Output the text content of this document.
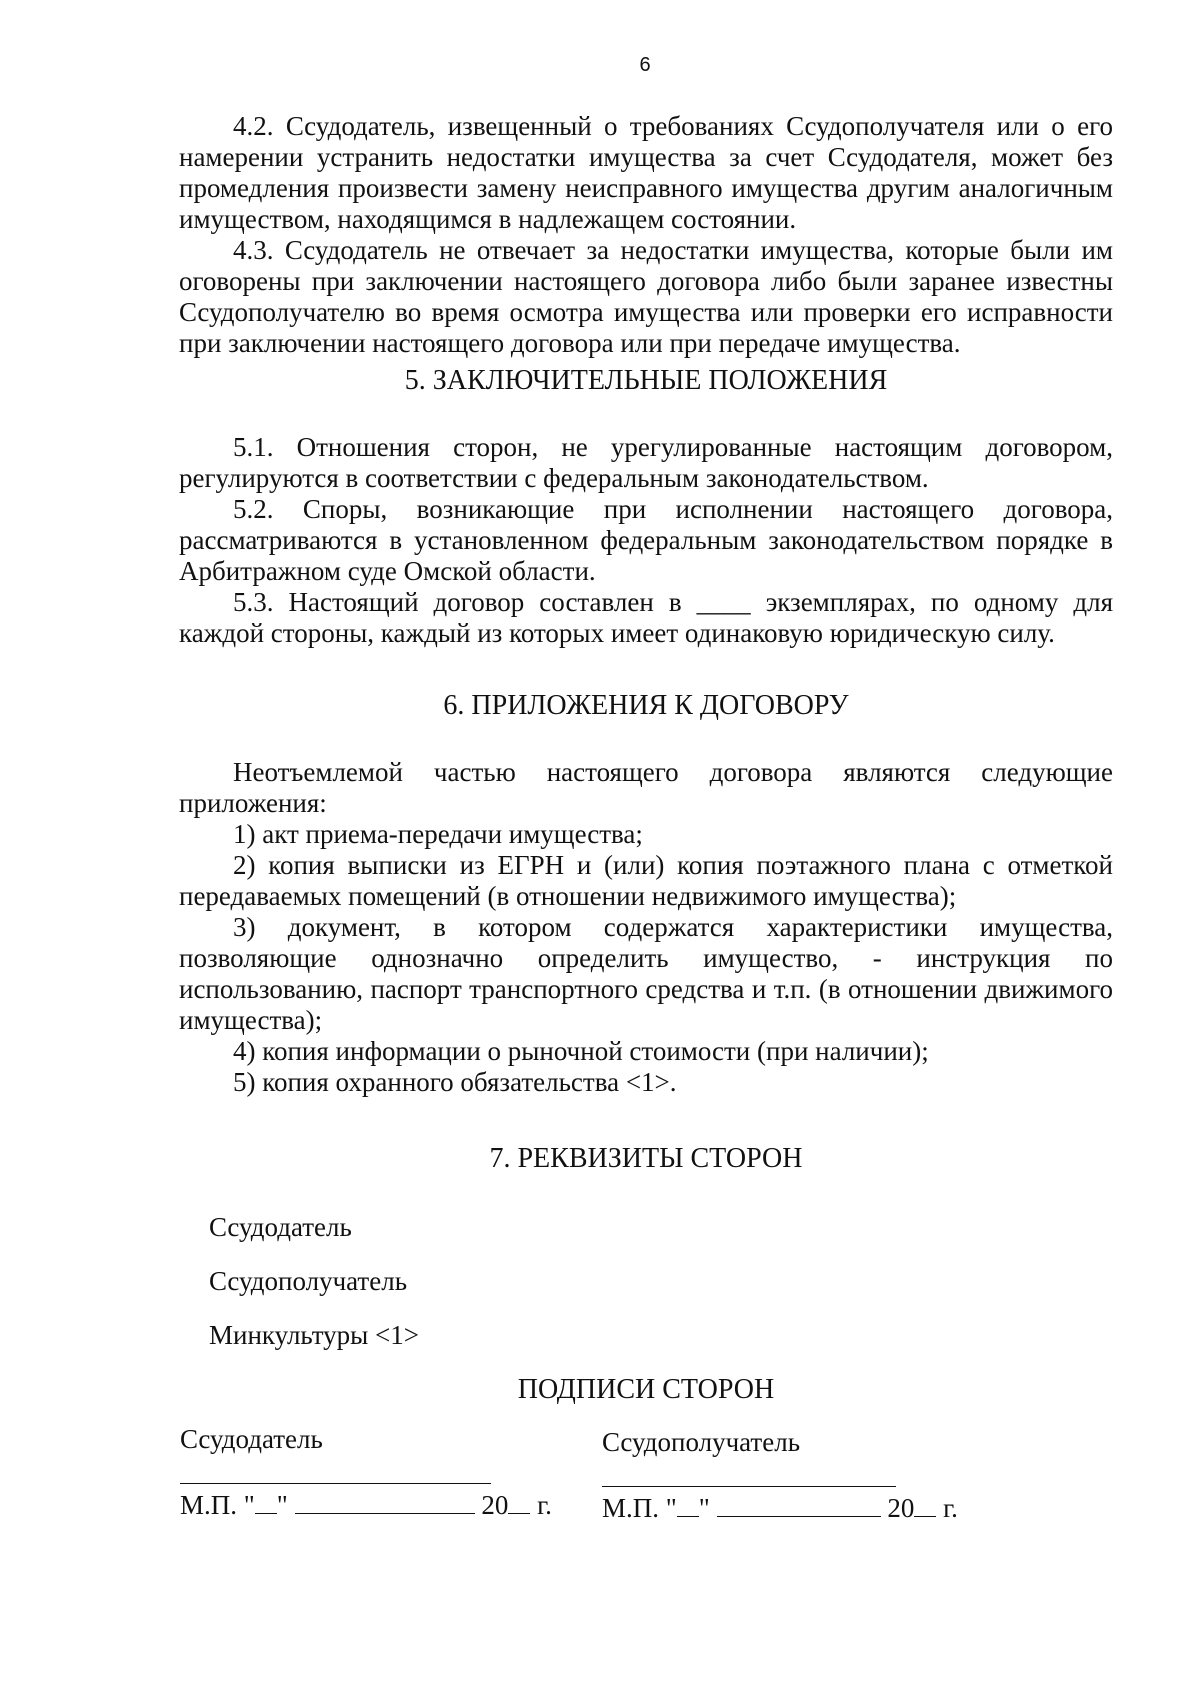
6

4.2. Ссудодатель, извещенный о требованиях Ссудополучателя или о его намерении устранить недостатки имущества за счет Ссудодателя, может без промедления произвести замену неисправного имущества другим аналогичным имуществом, находящимся в надлежащем состоянии.

4.3. Ссудодатель не отвечает за недостатки имущества, которые были им оговорены при заключении настоящего договора либо были заранее известны Ссудополучателю во время осмотра имущества или проверки его исправности при заключении настоящего договора или при передаче имущества.

5. ЗАКЛЮЧИТЕЛЬНЫЕ ПОЛОЖЕНИЯ

5.1. Отношения сторон, не урегулированные настоящим договором, регулируются в соответствии с федеральным законодательством.

5.2. Споры, возникающие при исполнении настоящего договора, рассматриваются в установленном федеральным законодательством порядке в Арбитражном суде Омской области.

5.3. Настоящий договор составлен в ____ экземплярах, по одному для каждой стороны, каждый из которых имеет одинаковую юридическую силу.

6. ПРИЛОЖЕНИЯ К ДОГОВОРУ

Неотъемлемой частью настоящего договора являются следующие приложения:

1) акт приема-передачи имущества;

2) копия выписки из ЕГРН и (или) копия поэтажного плана с отметкой передаваемых помещений (в отношении недвижимого имущества);

3) документ, в котором содержатся характеристики имущества, позволяющие однозначно определить имущество, - инструкция по использованию, паспорт транспортного средства и т.п. (в отношении движимого имущества);

4) копия информации о рыночной стоимости (при наличии);

5) копия охранного обязательства <1>.

7. РЕКВИЗИТЫ СТОРОН
Ссудодатель
Ссудополучатель
Минкультуры <1>
ПОДПИСИ СТОРОН
Ссудодатель	Ссудополучатель
М.П. " "	20 г. М.П. " "	20 г.
